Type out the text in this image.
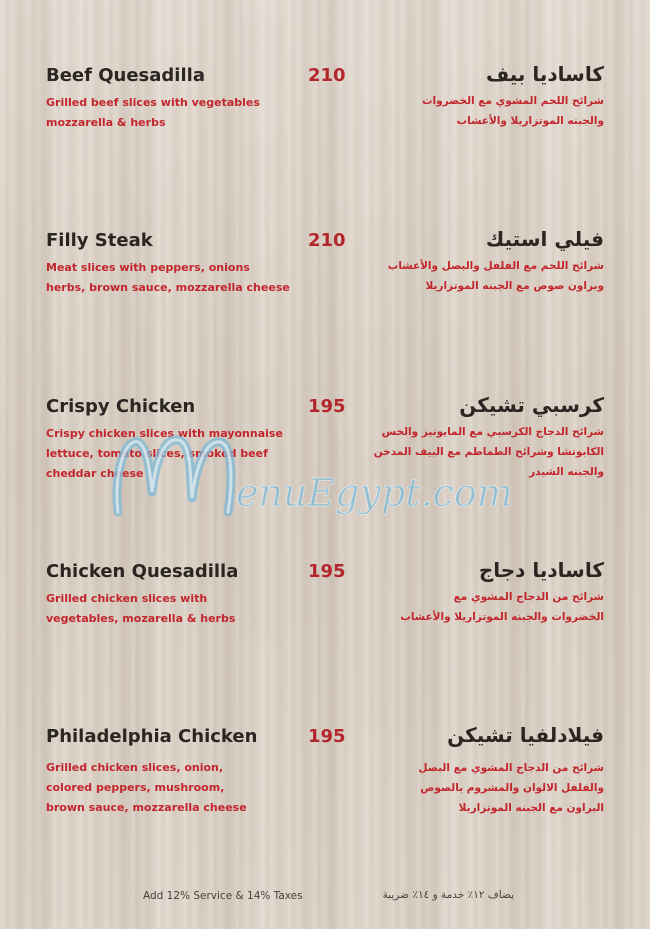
Beef Quesadilla	210
Grilled beef slices with vegetables
mozzarella & herbs
كاساديا بيف
شرائح اللحم المشوي مع الخضروات
والجبنه الموتزاريلا والأعشاب
Filly Steak	210
Meat slices with peppers, onions
herbs, brown sauce, mozzarella cheese
فيلي استيك
شرائح اللحم مع الفلفل والبصل والأعشاب
وبراون صوص مع الجبنه الموتزاريلا
Crispy Chicken	195
Crispy chicken slices with mayonnaise
lettuce, tomato slices, smoked beef
cheddar cheese
كرسبي تشيكن
شرائح الدجاج الكرسبي مع المايونيز والخس
الكابوتشا وشرائح الطماطم مع البيف المدخن
والجبنه الشيدر
Chicken Quesadilla	195
Grilled chicken slices with
vegetables, mozarella & herbs
كاساديا دجاج
شرائح من الدجاج المشوي مع
الخضروات والجبنه الموتزاريلا والأعشاب
Philadelphia Chicken	195
Grilled chicken slices, onion,
colored peppers, mushroom,
brown sauce, mozzarella cheese
فيلادلفيا تشيكن
شرائح من الدجاج المشوي مع البصل
والفلفل الالوان والمشروم بالصوص
البراون مع الجبنه الموتزاريلا
enuEgypt.com
Add 12% Service & 14% Taxes	يضاف ١٢٪ خدمة و ١٤٪ ضريبة
